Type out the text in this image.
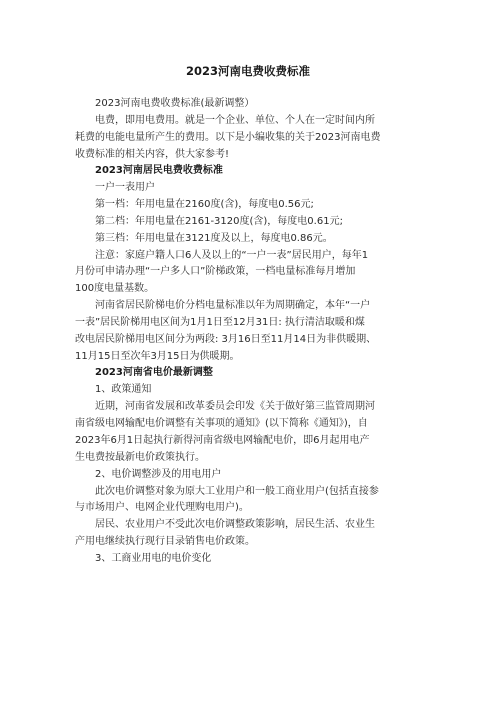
2023河南电费收费标准
2023河南电费收费标准(最新调整）
电费，即用电费用。就是一个企业、单位、个人在一定时间内所
耗费的电能电量所产生的费用。以下是小编收集的关于2023河南电费
收费标准的相关内容，供大家参考!
2023河南居民电费收费标准
一户一表用户
第一档：年用电量在2160度(含)，每度电0.56元;
第二档：年用电量在2161-3120度(含)，每度电0.61元;
第三档：年用电量在3121度及以上，每度电0.86元。
注意：家庭户籍人口6人及以上的“一户一表”居民用户，每年1
月份可申请办理“一户多人口”阶梯政策，一档电量标准每月增加
100度电量基数。
河南省居民阶梯电价分档电量标准以年为周期确定，本年“一户
一表”居民阶梯用电区间为1月1日至12月31日: 执行清洁取暖和煤
改电居民阶梯用电区间分为两段: 3月16日至11月14日为非供暖期、
11月15日至次年3月15日为供暖期。
2023河南省电价最新调整
1、政策通知
近期，河南省发展和改革委员会印发《关于做好第三监管周期河
南省级电网输配电价调整有关事项的通知》(以下简称《通知》)，自
2023年6月1日起执行新得河南省级电网输配电价，即6月起用电产
生电费按最新电价政策执行。
2、电价调整涉及的用电用户
此次电价调整对象为原大工业用户和一般工商业用户(包括直接参
与市场用户、电网企业代理购电用户)。
居民、农业用户不受此次电价调整政策影响，居民生活、农业生
产用电继续执行现行目录销售电价政策。
3、工商业用电的电价变化
